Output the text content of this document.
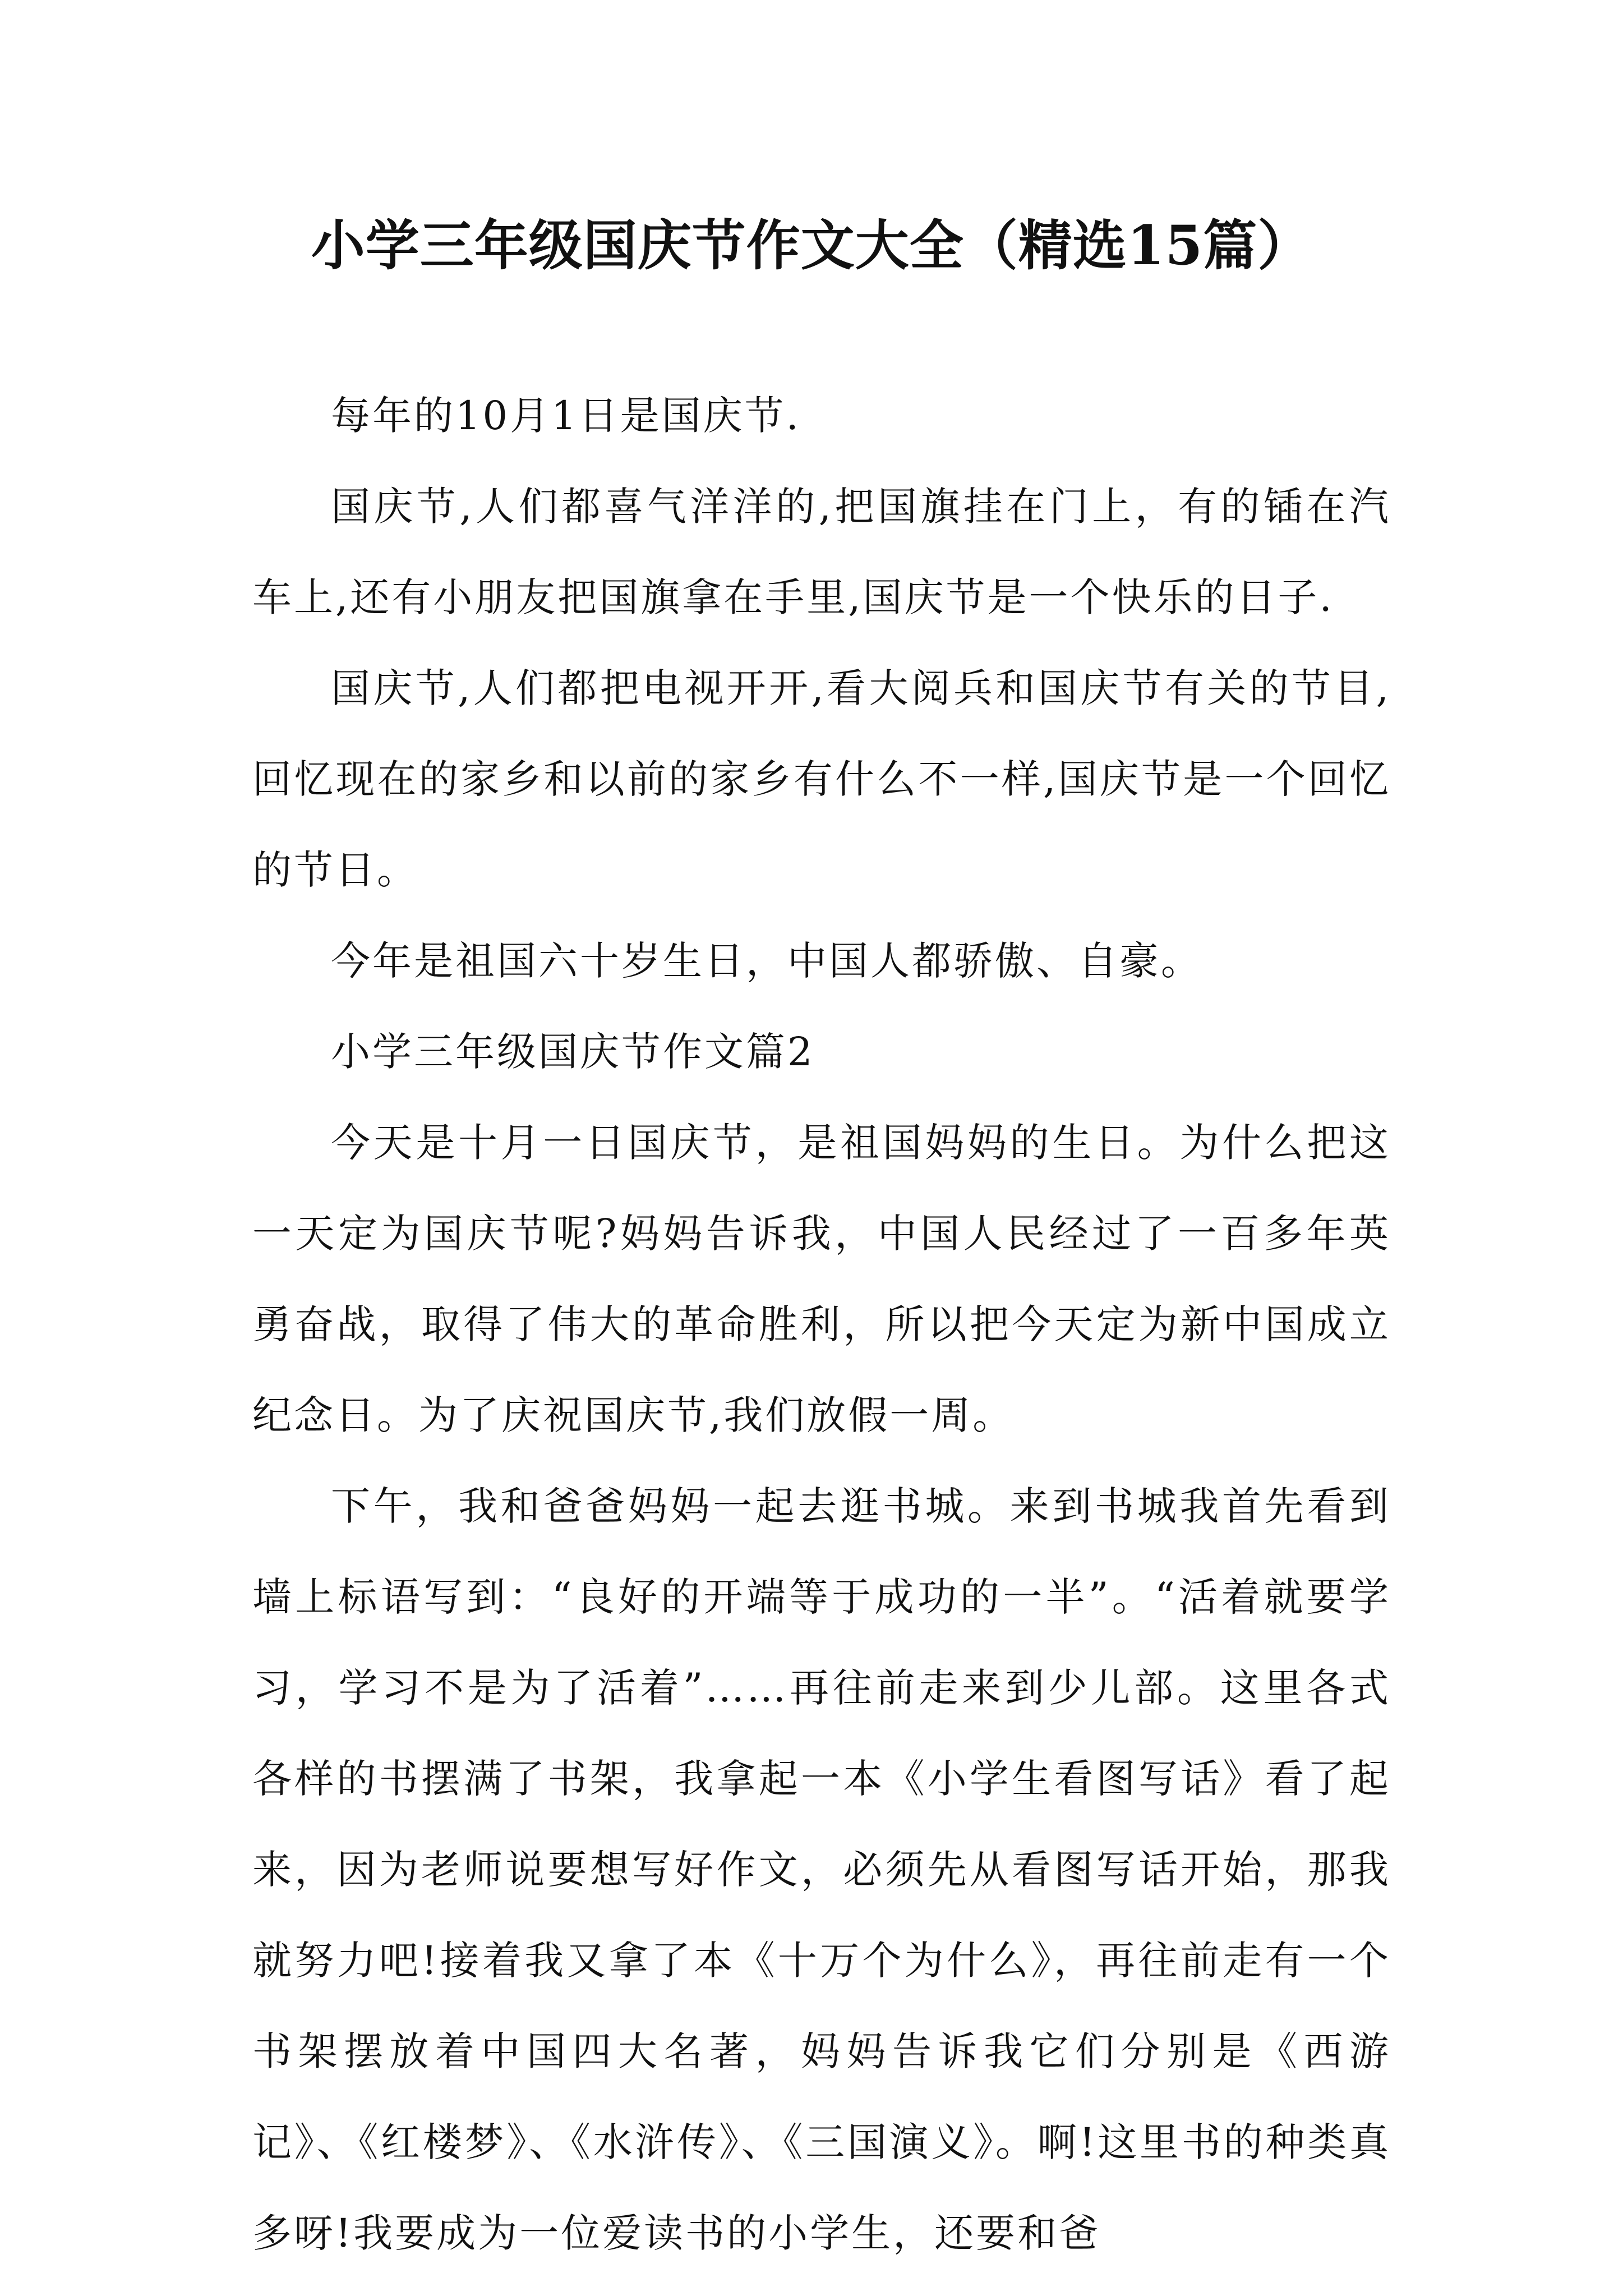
小学三年级国庆节作文大全（精选15篇）

每年的10月1日是国庆节.

国庆节,人们都喜气洋洋的,把国旗挂在门上，有的锸在汽车上,还有小朋友把国旗拿在手里,国庆节是一个快乐的日子.

国庆节,人们都把电视开开,看大阅兵和国庆节有关的节目,回忆现在的家乡和以前的家乡有什么不一样,国庆节是一个回忆的节日。

今年是祖国六十岁生日，中国人都骄傲、自豪。

小学三年级国庆节作文篇2

今天是十月一日国庆节，是祖国妈妈的生日。为什么把这一天定为国庆节呢?妈妈告诉我，中国人民经过了一百多年英勇奋战，取得了伟大的革命胜利，所以把今天定为新中国成立纪念日。为了庆祝国庆节,我们放假一周。

下午，我和爸爸妈妈一起去逛书城。来到书城我首先看到墙上标语写到：“良好的开端等于成功的一半”。“活着就要学习，学习不是为了活着”……再往前走来到少儿部。这里各式各样的书摆满了书架，我拿起一本《小学生看图写话》看了起来，因为老师说要想写好作文，必须先从看图写话开始，那我就努力吧!接着我又拿了本《十万个为什么》，再往前走有一个书架摆放着中国四大名著，妈妈告诉我它们分别是《西游记》、《红楼梦》、《水浒传》、《三国演义》。啊!这里书的种类真多呀!我要成为一位爱读书的小学生，还要和爸
